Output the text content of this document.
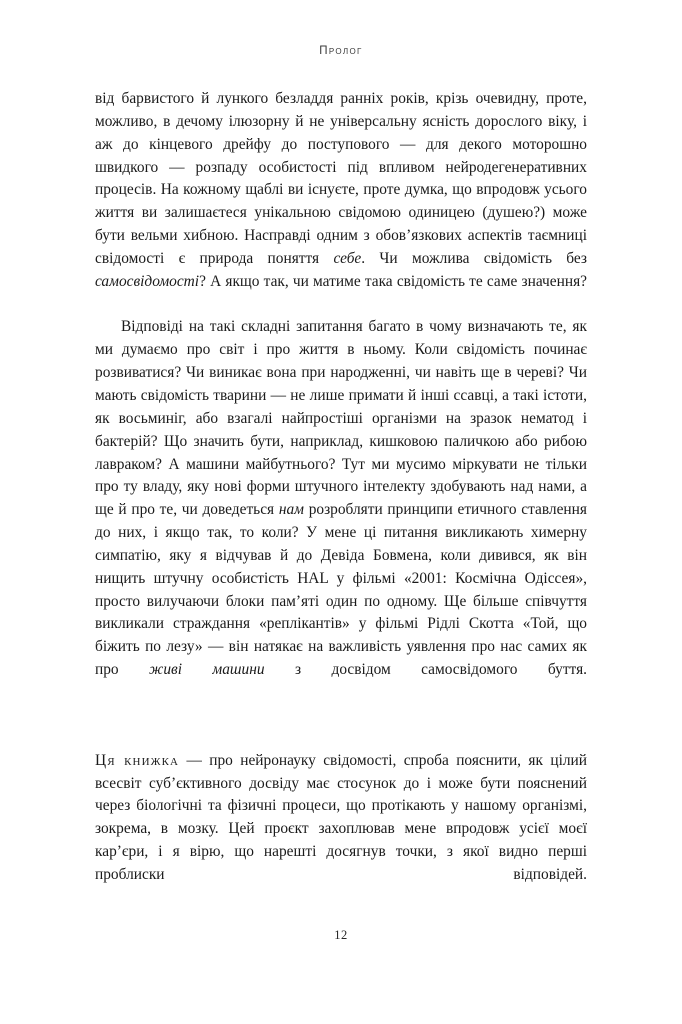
Пролог

від барвистого й лункого безладдя ранніх років, крізь очевидну, проте, можливо, в дечому ілюзорну й не універсальну ясність дорослого віку, і аж до кінцевого дрейфу до поступового — для декого моторошно швидкого — розпаду особистості під впливом нейродегенеративних процесів. На кожному щаблі ви існуєте, проте думка, що впродовж усього життя ви залишаєтеся унікальною свідомою одиницею (душею?) може бути вельми хибною. Насправді одним з обов’язкових аспектів таємниці свідомості є природа поняття себе. Чи можлива свідомість без самосвідомості? А якщо так, чи матиме така свідомість те саме значення?

Відповіді на такі складні запитання багато в чому визначають те, як ми думаємо про світ і про життя в ньому. Коли свідомість починає розвиватися? Чи виникає вона при народженні, чи навіть ще в череві? Чи мають свідомість тварини — не лише примати й інші ссавці, а такі істоти, як восьминіг, або взагалі найпростіші організми на зразок нематод і бактерій? Що значить бути, наприклад, кишковою паличкою або рибою лавраком? А машини майбутнього? Тут ми мусимо міркувати не тільки про ту владу, яку нові форми штучного інтелекту здобувають над нами, а ще й про те, чи доведеться нам розробляти принципи етичного ставлення до них, і якщо так, то коли? У мене ці питання викликають химерну симпатію, яку я відчував й до Девіда Бовмена, коли дивився, як він нищить штучну особистість HAL у фільмі «2001: Космічна Одіссея», просто вилучаючи блоки пам’яті один по одному. Ще більше співчуття викликали страждання «реплікантів» у фільмі Рідлі Скотта «Той, що біжить по лезу» — він натякає на важливість уявлення про нас самих як про живі машини з досвідом самосвідомого буття.

Ця книжка — про нейронауку свідомості, спроба пояснити, як цілий всесвіт суб’єктивного досвіду має стосунок до і може бути пояснений через біологічні та фізичні процеси, що протікають у нашому організмі, зокрема, в мозку. Цей проєкт захоплював мене впродовж усієї моєї кар’єри, і я вірю, що нарешті досягнув точки, з якої видно перші проблиски відповідей.

12
